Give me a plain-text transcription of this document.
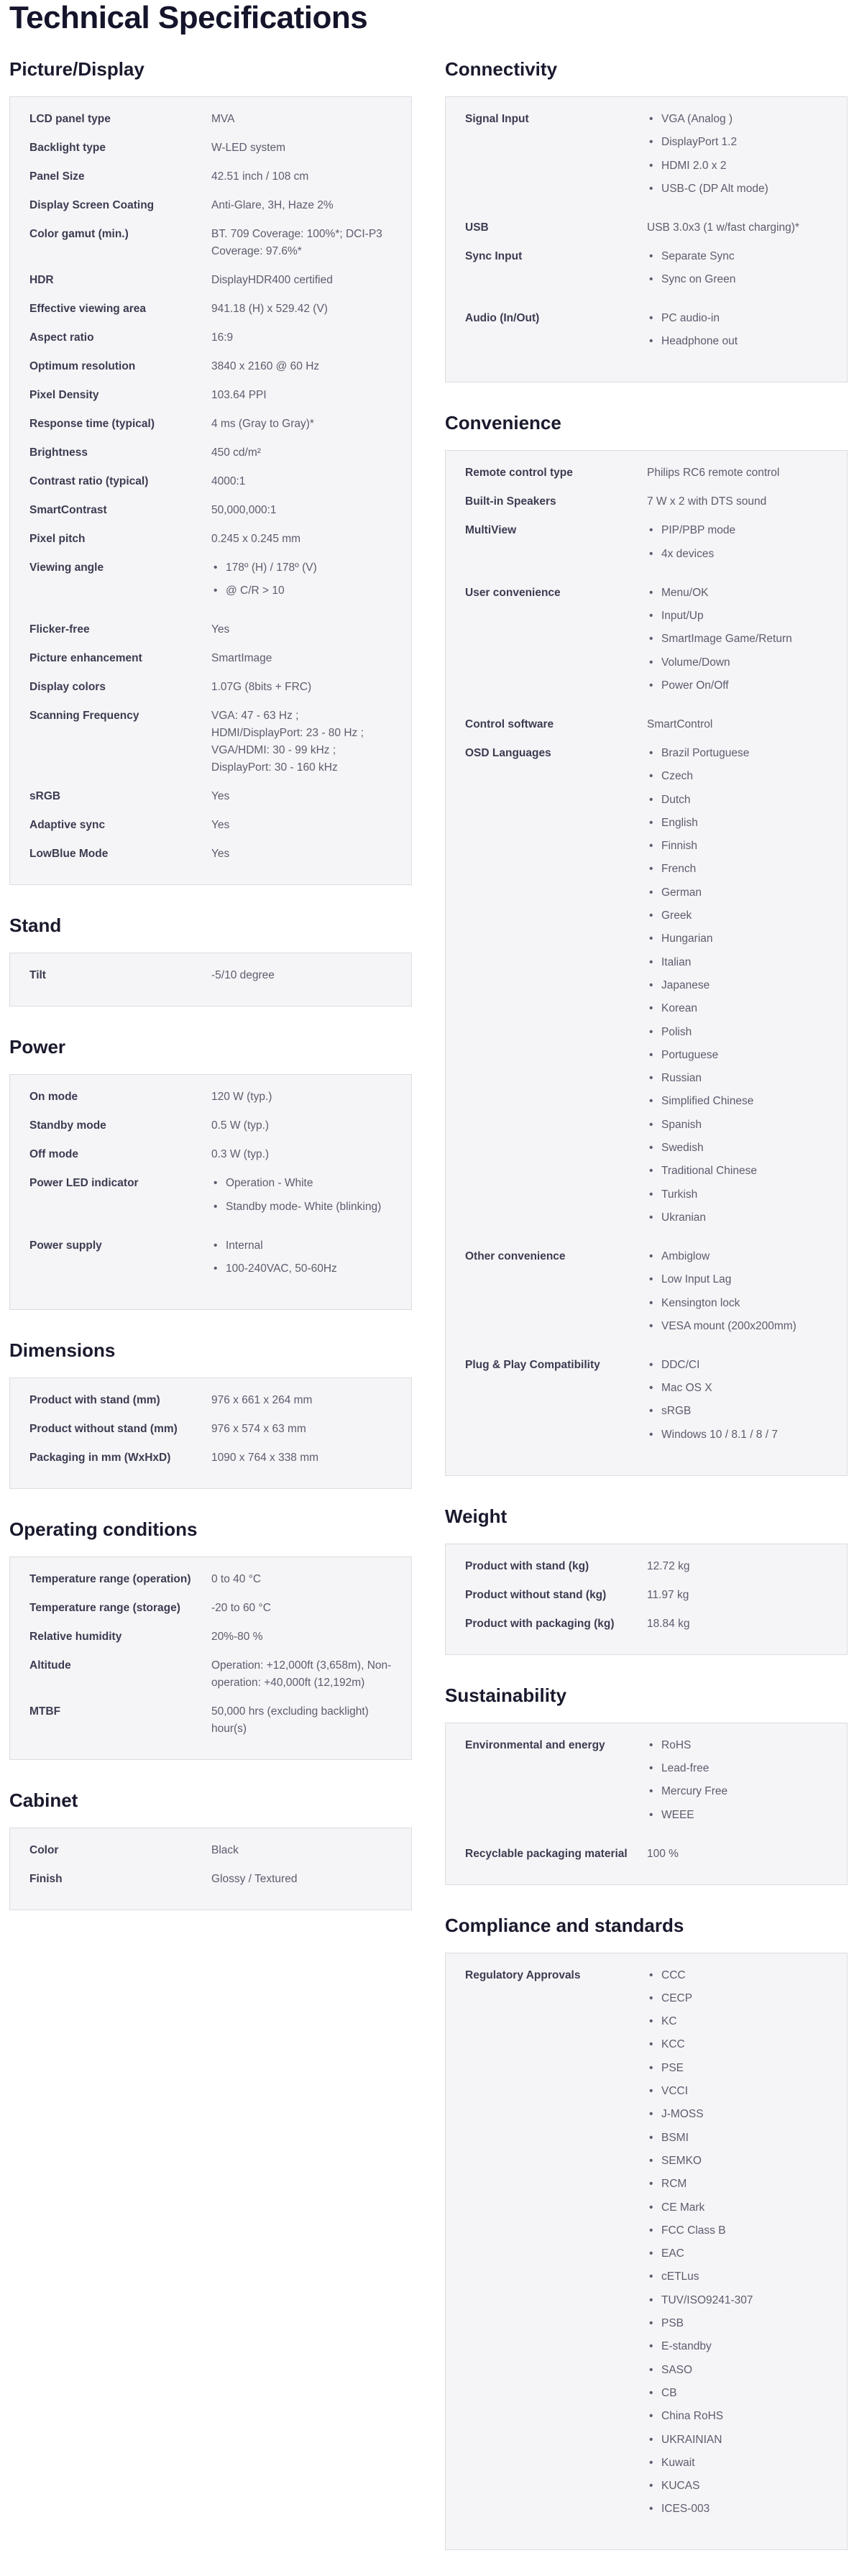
Technical Specifications
Picture/Display
LCD panel type	MVA
Backlight type	W-LED system
Panel Size	42.51 inch / 108 cm
Display Screen Coating	Anti-Glare, 3H, Haze 2%
Color gamut (min.)	BT. 709 Coverage: 100%*; DCI-P3 Coverage: 97.6%*
HDR	DisplayHDR400 certified
Effective viewing area	941.18 (H) x 529.42 (V)
Aspect ratio	16:9
Optimum resolution	3840 x 2160 @ 60 Hz
Pixel Density	103.64 PPI
Response time (typical)	4 ms (Gray to Gray)*
Brightness	450 cd/m²
Contrast ratio (typical)	4000:1
SmartContrast	50,000,000:1
Pixel pitch	0.245 x 0.245 mm
Viewing angle	• 178º (H) / 178º (V)
• @ C/R > 10
Flicker-free	Yes
Picture enhancement	SmartImage
Display colors	1.07G (8bits + FRC)
Scanning Frequency	VGA: 47 - 63 Hz ; HDMI/DisplayPort: 23 - 80 Hz ; VGA/HDMI: 30 - 99 kHz ; DisplayPort: 30 - 160 kHz
sRGB	Yes
Adaptive sync	Yes
LowBlue Mode	Yes
Stand
Tilt	-5/10 degree
Power
On mode	120 W (typ.)
Standby mode	0.5 W (typ.)
Off mode	0.3 W (typ.)
Power LED indicator	• Operation - White
• Standby mode- White (blinking)
Power supply	• Internal
• 100-240VAC, 50-60Hz
Dimensions
Product with stand (mm)	976 x 661 x 264 mm
Product without stand (mm)	976 x 574 x 63 mm
Packaging in mm (WxHxD)	1090 x 764 x 338 mm
Operating conditions
Temperature range (operation)	0 to 40 °C
Temperature range (storage)	-20 to 60 °C
Relative humidity	20%-80 %
Altitude	Operation: +12,000ft (3,658m), Non-operation: +40,000ft (12,192m)
MTBF	50,000 hrs (excluding backlight) hour(s)
Cabinet
Color	Black
Finish	Glossy / Textured
Connectivity
Signal Input	• VGA (Analog )
• DisplayPort 1.2
• HDMI 2.0 x 2
• USB-C (DP Alt mode)
USB	USB 3.0x3 (1 w/fast charging)*
Sync Input	• Separate Sync
• Sync on Green
Audio (In/Out)	• PC audio-in
• Headphone out
Convenience
Remote control type	Philips RC6 remote control
Built-in Speakers	7 W x 2 with DTS sound
MultiView	• PIP/PBP mode
• 4x devices
User convenience	• Menu/OK
• Input/Up
• SmartImage Game/Return
• Volume/Down
• Power On/Off
Control software	SmartControl
OSD Languages	• Brazil Portuguese
• Czech
• Dutch
• English
• Finnish
• French
• German
• Greek
• Hungarian
• Italian
• Japanese
• Korean
• Polish
• Portuguese
• Russian
• Simplified Chinese
• Spanish
• Swedish
• Traditional Chinese
• Turkish
• Ukranian
Other convenience	• Ambiglow
• Low Input Lag
• Kensington lock
• VESA mount (200x200mm)
Plug & Play Compatibility	• DDC/CI
• Mac OS X
• sRGB
• Windows 10 / 8.1 / 8 / 7
Weight
Product with stand (kg)	12.72 kg
Product without stand (kg)	11.97 kg
Product with packaging (kg)	18.84 kg
Sustainability
Environmental and energy	• RoHS
• Lead-free
• Mercury Free
• WEEE
Recyclable packaging material	100 %
Compliance and standards
Regulatory Approvals	• CCC
• CECP
• KC
• KCC
• PSE
• VCCI
• J-MOSS
• BSMI
• SEMKO
• RCM
• CE Mark
• FCC Class B
• EAC
• cETLus
• TUV/ISO9241-307
• PSB
• E-standby
• SASO
• CB
• China RoHS
• UKRAINIAN
• Kuwait
• KUCAS
• ICES-003
